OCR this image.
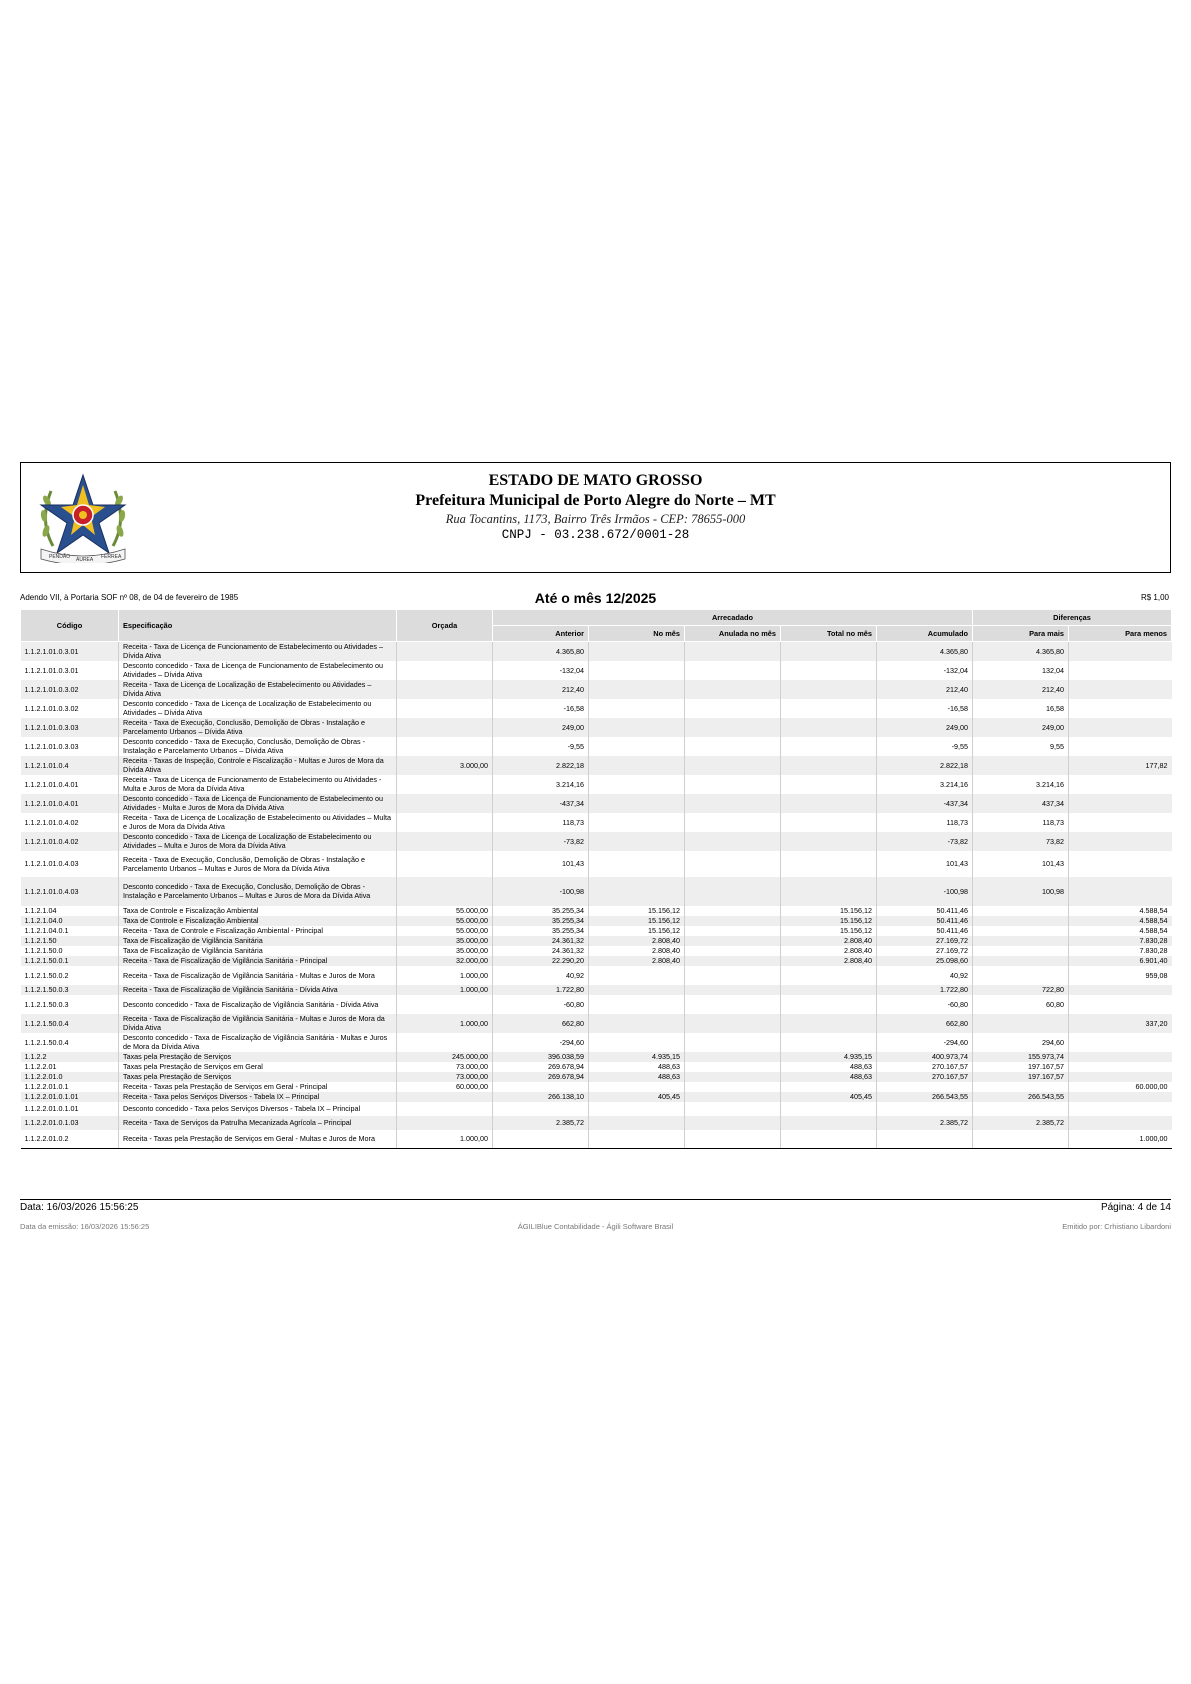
PENDÃO ÁUREA FERREA
ESTADO DE MATO GROSSO
Prefeitura Municipal de Porto Alegre do Norte – MT
Rua Tocantins, 1173, Bairro Três Irmãos - CEP: 78655-000
CNPJ - 03.238.672/0001-28
Adendo VII, à Portaria SOF nº 08, de 04 de fevereiro de 1985	Até o mês 12/2025	R$ 1,00
Código	Especificação	Orçada	Arrecadado					Diferenças	
			Anterior	No mês	Anulada no mês	Total no mês	Acumulado	Para mais	Para menos
1.1.2.1.01.0.3.01	Receita - Taxa de Licença de Funcionamento de Estabelecimento ou Atividades – Dívida Ativa		4.365,80				4.365,80	4.365,80	
1.1.2.1.01.0.3.01	Desconto concedido - Taxa de Licença de Funcionamento de Estabelecimento ou Atividades – Dívida Ativa		-132,04				-132,04	132,04	
1.1.2.1.01.0.3.02	Receita - Taxa de Licença de Localização de Estabelecimento ou Atividades – Dívida Ativa		212,40				212,40	212,40	
1.1.2.1.01.0.3.02	Desconto concedido - Taxa de Licença de Localização de Estabelecimento ou Atividades – Dívida Ativa		-16,58				-16,58	16,58	
1.1.2.1.01.0.3.03	Receita - Taxa de Execução, Conclusão, Demolição de Obras - Instalação e Parcelamento Urbanos – Dívida Ativa		249,00				249,00	249,00	
1.1.2.1.01.0.3.03	Desconto concedido - Taxa de Execução, Conclusão, Demolição de Obras - Instalação e Parcelamento Urbanos – Dívida Ativa		-9,55				-9,55	9,55	
1.1.2.1.01.0.4	Receita - Taxas de Inspeção, Controle e Fiscalização - Multas e Juros de Mora da Dívida Ativa	3.000,00	2.822,18				2.822,18		177,82
1.1.2.1.01.0.4.01	Receita - Taxa de Licença de Funcionamento de Estabelecimento ou Atividades - Multa e Juros de Mora da Dívida Ativa		3.214,16				3.214,16	3.214,16	
1.1.2.1.01.0.4.01	Desconto concedido - Taxa de Licença de Funcionamento de Estabelecimento ou Atividades - Multa e Juros de Mora da Dívida Ativa		-437,34				-437,34	437,34	
1.1.2.1.01.0.4.02	Receita - Taxa de Licença de Localização de Estabelecimento ou Atividades – Multa e Juros de Mora da Dívida Ativa		118,73				118,73	118,73	
1.1.2.1.01.0.4.02	Desconto concedido - Taxa de Licença de Localização de Estabelecimento ou Atividades – Multa e Juros de Mora da Dívida Ativa		-73,82				-73,82	73,82	
1.1.2.1.01.0.4.03	Receita - Taxa de Execução, Conclusão, Demolição de Obras - Instalação e Parcelamento Urbanos – Multas e Juros de Mora da Dívida Ativa		101,43				101,43	101,43	
1.1.2.1.01.0.4.03	Desconto concedido - Taxa de Execução, Conclusão, Demolição de Obras - Instalação e Parcelamento Urbanos – Multas e Juros de Mora da Dívida Ativa		-100,98				-100,98	100,98	
1.1.2.1.04	Taxa de Controle e Fiscalização Ambiental	55.000,00	35.255,34	15.156,12		15.156,12	50.411,46		4.588,54
1.1.2.1.04.0	Taxa de Controle e Fiscalização Ambiental	55.000,00	35.255,34	15.156,12		15.156,12	50.411,46		4.588,54
1.1.2.1.04.0.1	Receita - Taxa de Controle e Fiscalização Ambiental - Principal	55.000,00	35.255,34	15.156,12		15.156,12	50.411,46		4.588,54
1.1.2.1.50	Taxa de Fiscalização de Vigilância Sanitária	35.000,00	24.361,32	2.808,40		2.808,40	27.169,72		7.830,28
1.1.2.1.50.0	Taxa de Fiscalização de Vigilância Sanitária	35.000,00	24.361,32	2.808,40		2.808,40	27.169,72		7.830,28
1.1.2.1.50.0.1	Receita - Taxa de Fiscalização de Vigilância Sanitária - Principal	32.000,00	22.290,20	2.808,40		2.808,40	25.098,60		6.901,40
1.1.2.1.50.0.2	Receita - Taxa de Fiscalização de Vigilância Sanitária - Multas e Juros de Mora	1.000,00	40,92				40,92		959,08
1.1.2.1.50.0.3	Receita - Taxa de Fiscalização de Vigilância Sanitária - Dívida Ativa	1.000,00	1.722,80				1.722,80	722,80	
1.1.2.1.50.0.3	Desconto concedido - Taxa de Fiscalização de Vigilância Sanitária - Dívida Ativa		-60,80				-60,80	60,80	
1.1.2.1.50.0.4	Receita - Taxa de Fiscalização de Vigilância Sanitária - Multas e Juros de Mora da Dívida Ativa	1.000,00	662,80				662,80		337,20
1.1.2.1.50.0.4	Desconto concedido - Taxa de Fiscalização de Vigilância Sanitária - Multas e Juros de Mora da Dívida Ativa		-294,60				-294,60	294,60	
1.1.2.2	Taxas pela Prestação de Serviços	245.000,00	396.038,59	4.935,15		4.935,15	400.973,74	155.973,74	
1.1.2.2.01	Taxas pela Prestação de Serviços em Geral	73.000,00	269.678,94	488,63		488,63	270.167,57	197.167,57	
1.1.2.2.01.0	Taxas pela Prestação de Serviços	73.000,00	269.678,94	488,63		488,63	270.167,57	197.167,57	
1.1.2.2.01.0.1	Receita - Taxas pela Prestação de Serviços em Geral - Principal	60.000,00							60.000,00
1.1.2.2.01.0.1.01	Receita - Taxa pelos Serviços Diversos - Tabela IX – Principal		266.138,10	405,45		405,45	266.543,55	266.543,55	
1.1.2.2.01.0.1.01	Desconto concedido - Taxa pelos Serviços Diversos - Tabela IX – Principal								
1.1.2.2.01.0.1.03	Receita - Taxa de Serviços da Patrulha Mecanizada Agrícola – Principal		2.385,72				2.385,72	2.385,72	
1.1.2.2.01.0.2	Receita - Taxas pela Prestação de Serviços em Geral - Multas e Juros de Mora	1.000,00							1.000,00
Data: 16/03/2026 15:56:25	Página: 4 de 14
Data da emissão: 16/03/2026 15:56:25	ÁGILIBlue Contabilidade - Ágili Software Brasil	Emitido por: Crhistiano Libardoni
